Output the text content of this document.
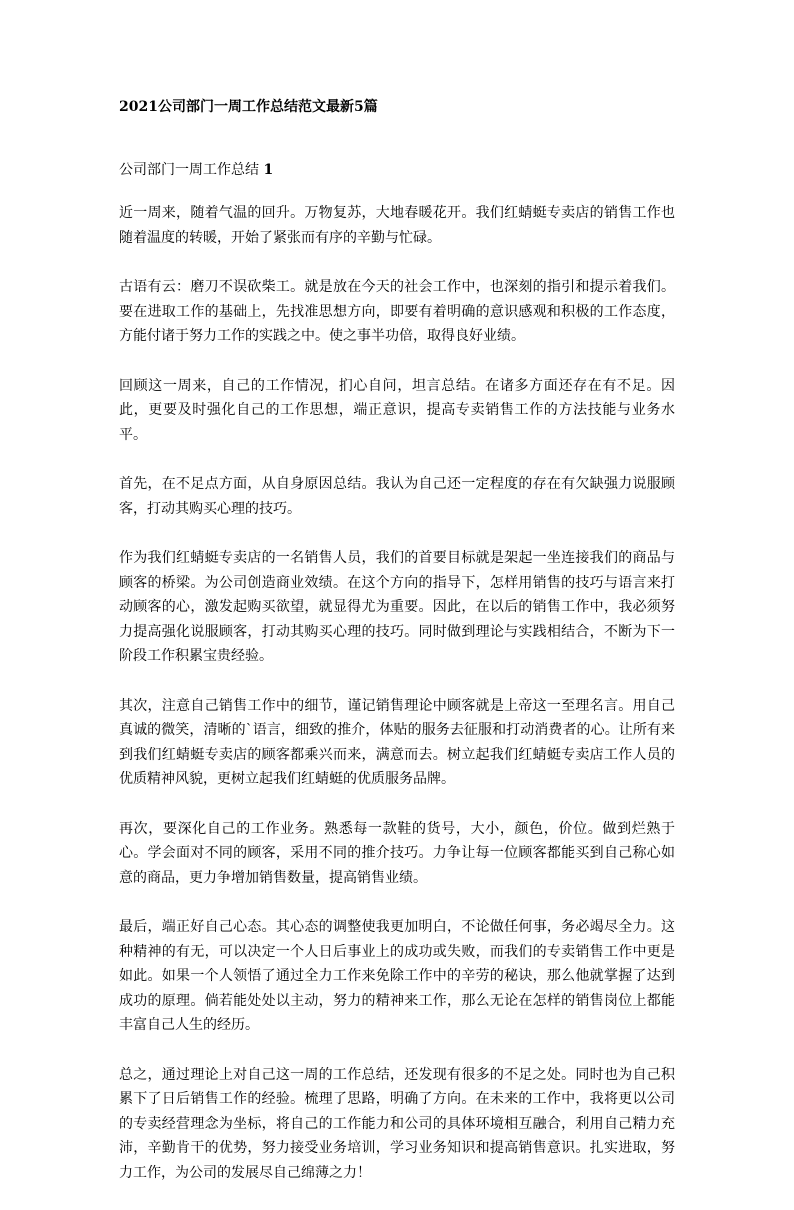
2021公司部门一周工作总结范文最新5篇
公司部门一周工作总结 1

近一周来，随着气温的回升。万物复苏，大地春暖花开。我们红蜻蜓专卖店的销售工作也随着温度的转暖，开始了紧张而有序的辛勤与忙碌。

古语有云：磨刀不误砍柴工。就是放在今天的社会工作中，也深刻的指引和提示着我们。要在进取工作的基础上，先找准思想方向，即要有着明确的意识感观和积极的工作态度，方能付诸于努力工作的实践之中。使之事半功倍，取得良好业绩。

回顾这一周来，自己的工作情况，扪心自问，坦言总结。在诸多方面还存在有不足。因此，更要及时强化自己的工作思想，端正意识，提高专卖销售工作的方法技能与业务水平。

首先，在不足点方面，从自身原因总结。我认为自己还一定程度的存在有欠缺强力说服顾客，打动其购买心理的技巧。

作为我们红蜻蜓专卖店的一名销售人员，我们的首要目标就是架起一坐连接我们的商品与顾客的桥梁。为公司创造商业效绩。在这个方向的指导下，怎样用销售的技巧与语言来打动顾客的心，激发起购买欲望，就显得尤为重要。因此，在以后的销售工作中，我必须努力提高强化说服顾客，打动其购买心理的技巧。同时做到理论与实践相结合，不断为下一阶段工作积累宝贵经验。

其次，注意自己销售工作中的细节，谨记销售理论中顾客就是上帝这一至理名言。用自己真诚的微笑，清晰的`语言，细致的推介，体贴的服务去征服和打动消费者的心。让所有来到我们红蜻蜓专卖店的顾客都乘兴而来，满意而去。树立起我们红蜻蜓专卖店工作人员的优质精神风貌，更树立起我们红蜻蜓的优质服务品牌。

再次，要深化自己的工作业务。熟悉每一款鞋的货号，大小，颜色，价位。做到烂熟于心。学会面对不同的顾客，采用不同的推介技巧。力争让每一位顾客都能买到自己称心如意的商品，更力争增加销售数量，提高销售业绩。

最后，端正好自己心态。其心态的调整使我更加明白，不论做任何事，务必竭尽全力。这种精神的有无，可以决定一个人日后事业上的成功或失败，而我们的专卖销售工作中更是如此。如果一个人领悟了通过全力工作来免除工作中的辛劳的秘诀，那么他就掌握了达到成功的原理。倘若能处处以主动，努力的精神来工作，那么无论在怎样的销售岗位上都能丰富自己人生的经历。

总之，通过理论上对自己这一周的工作总结，还发现有很多的不足之处。同时也为自己积累下了日后销售工作的经验。梳理了思路，明确了方向。在未来的工作中，我将更以公司的专卖经营理念为坐标，将自己的工作能力和公司的具体环境相互融合，利用自己精力充沛，辛勤肯干的优势，努力接受业务培训，学习业务知识和提高销售意识。扎实进取，努力工作，为公司的发展尽自己绵薄之力！
